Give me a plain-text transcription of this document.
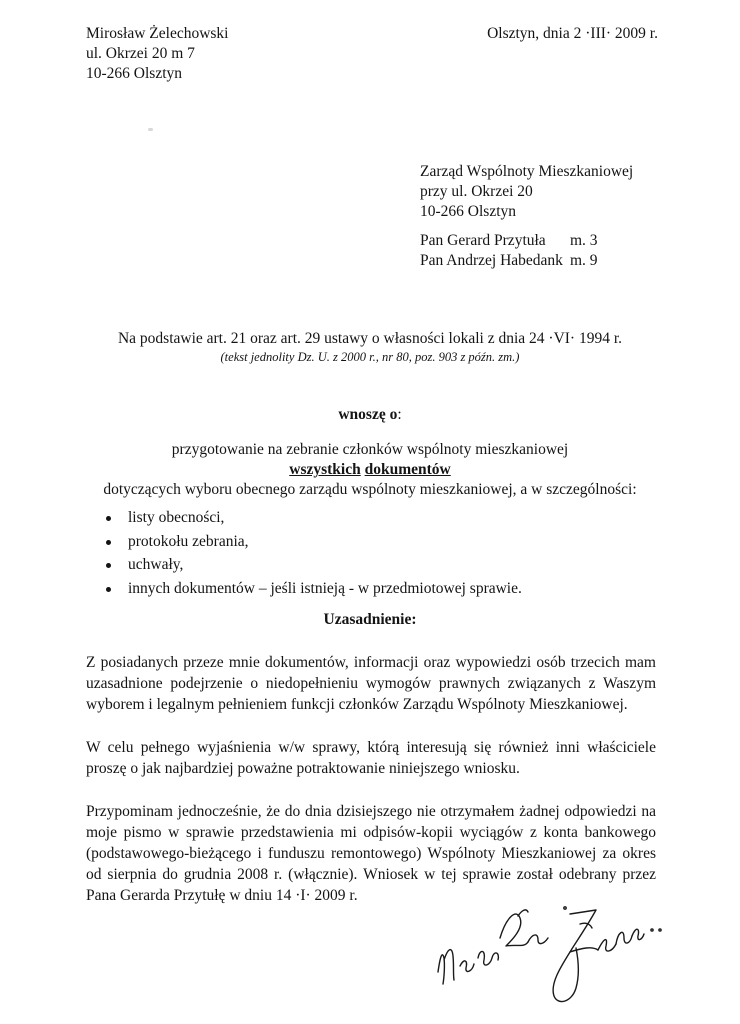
Mirosław Żelechowski
ul. Okrzei 20 m 7
10-266 Olsztyn
Olsztyn, dnia 2 ·III· 2009 r.
Zarząd Wspólnoty Mieszkaniowej
przy ul. Okrzei 20
10-266 Olsztyn
Pan Gerard Przytuła	m. 3
Pan Andrzej Habedank m. 9
Na podstawie art. 21 oraz art. 29 ustawy o własności lokali z dnia 24 ·VI· 1994 r.
(tekst jednolity Dz. U. z 2000 r., nr 80, poz. 903 z późn. zm.)
wnoszę o:
przygotowanie na zebranie członków wspólnoty mieszkaniowej
wszystkich dokumentów
dotyczących wyboru obecnego zarządu wspólnoty mieszkaniowej, a w szczególności:
listy obecności,
protokołu zebrania,
uchwały,
innych dokumentów – jeśli istnieją - w przedmiotowej sprawie.
Uzasadnienie:
Z posiadanych przeze mnie dokumentów, informacji oraz wypowiedzi osób trzecich mam uzasadnione podejrzenie o niedopełnieniu wymogów prawnych związanych z Waszym wyborem i legalnym pełnieniem funkcji członków Zarządu Wspólnoty Mieszkaniowej.
W celu pełnego wyjaśnienia w/w sprawy, którą interesują się również inni właściciele proszę o jak najbardziej poważne potraktowanie niniejszego wniosku.
Przypominam jednocześnie, że do dnia dzisiejszego nie otrzymałem żadnej odpowiedzi na moje pismo w sprawie przedstawienia mi odpisów-kopii wyciągów z konta bankowego (podstawowego-bieżącego i funduszu remontowego) Wspólnoty Mieszkaniowej za okres od sierpnia do grudnia 2008 r. (włącznie). Wniosek w tej sprawie został odebrany przez Pana Gerarda Przytułę w dniu 14 ·I· 2009 r.
